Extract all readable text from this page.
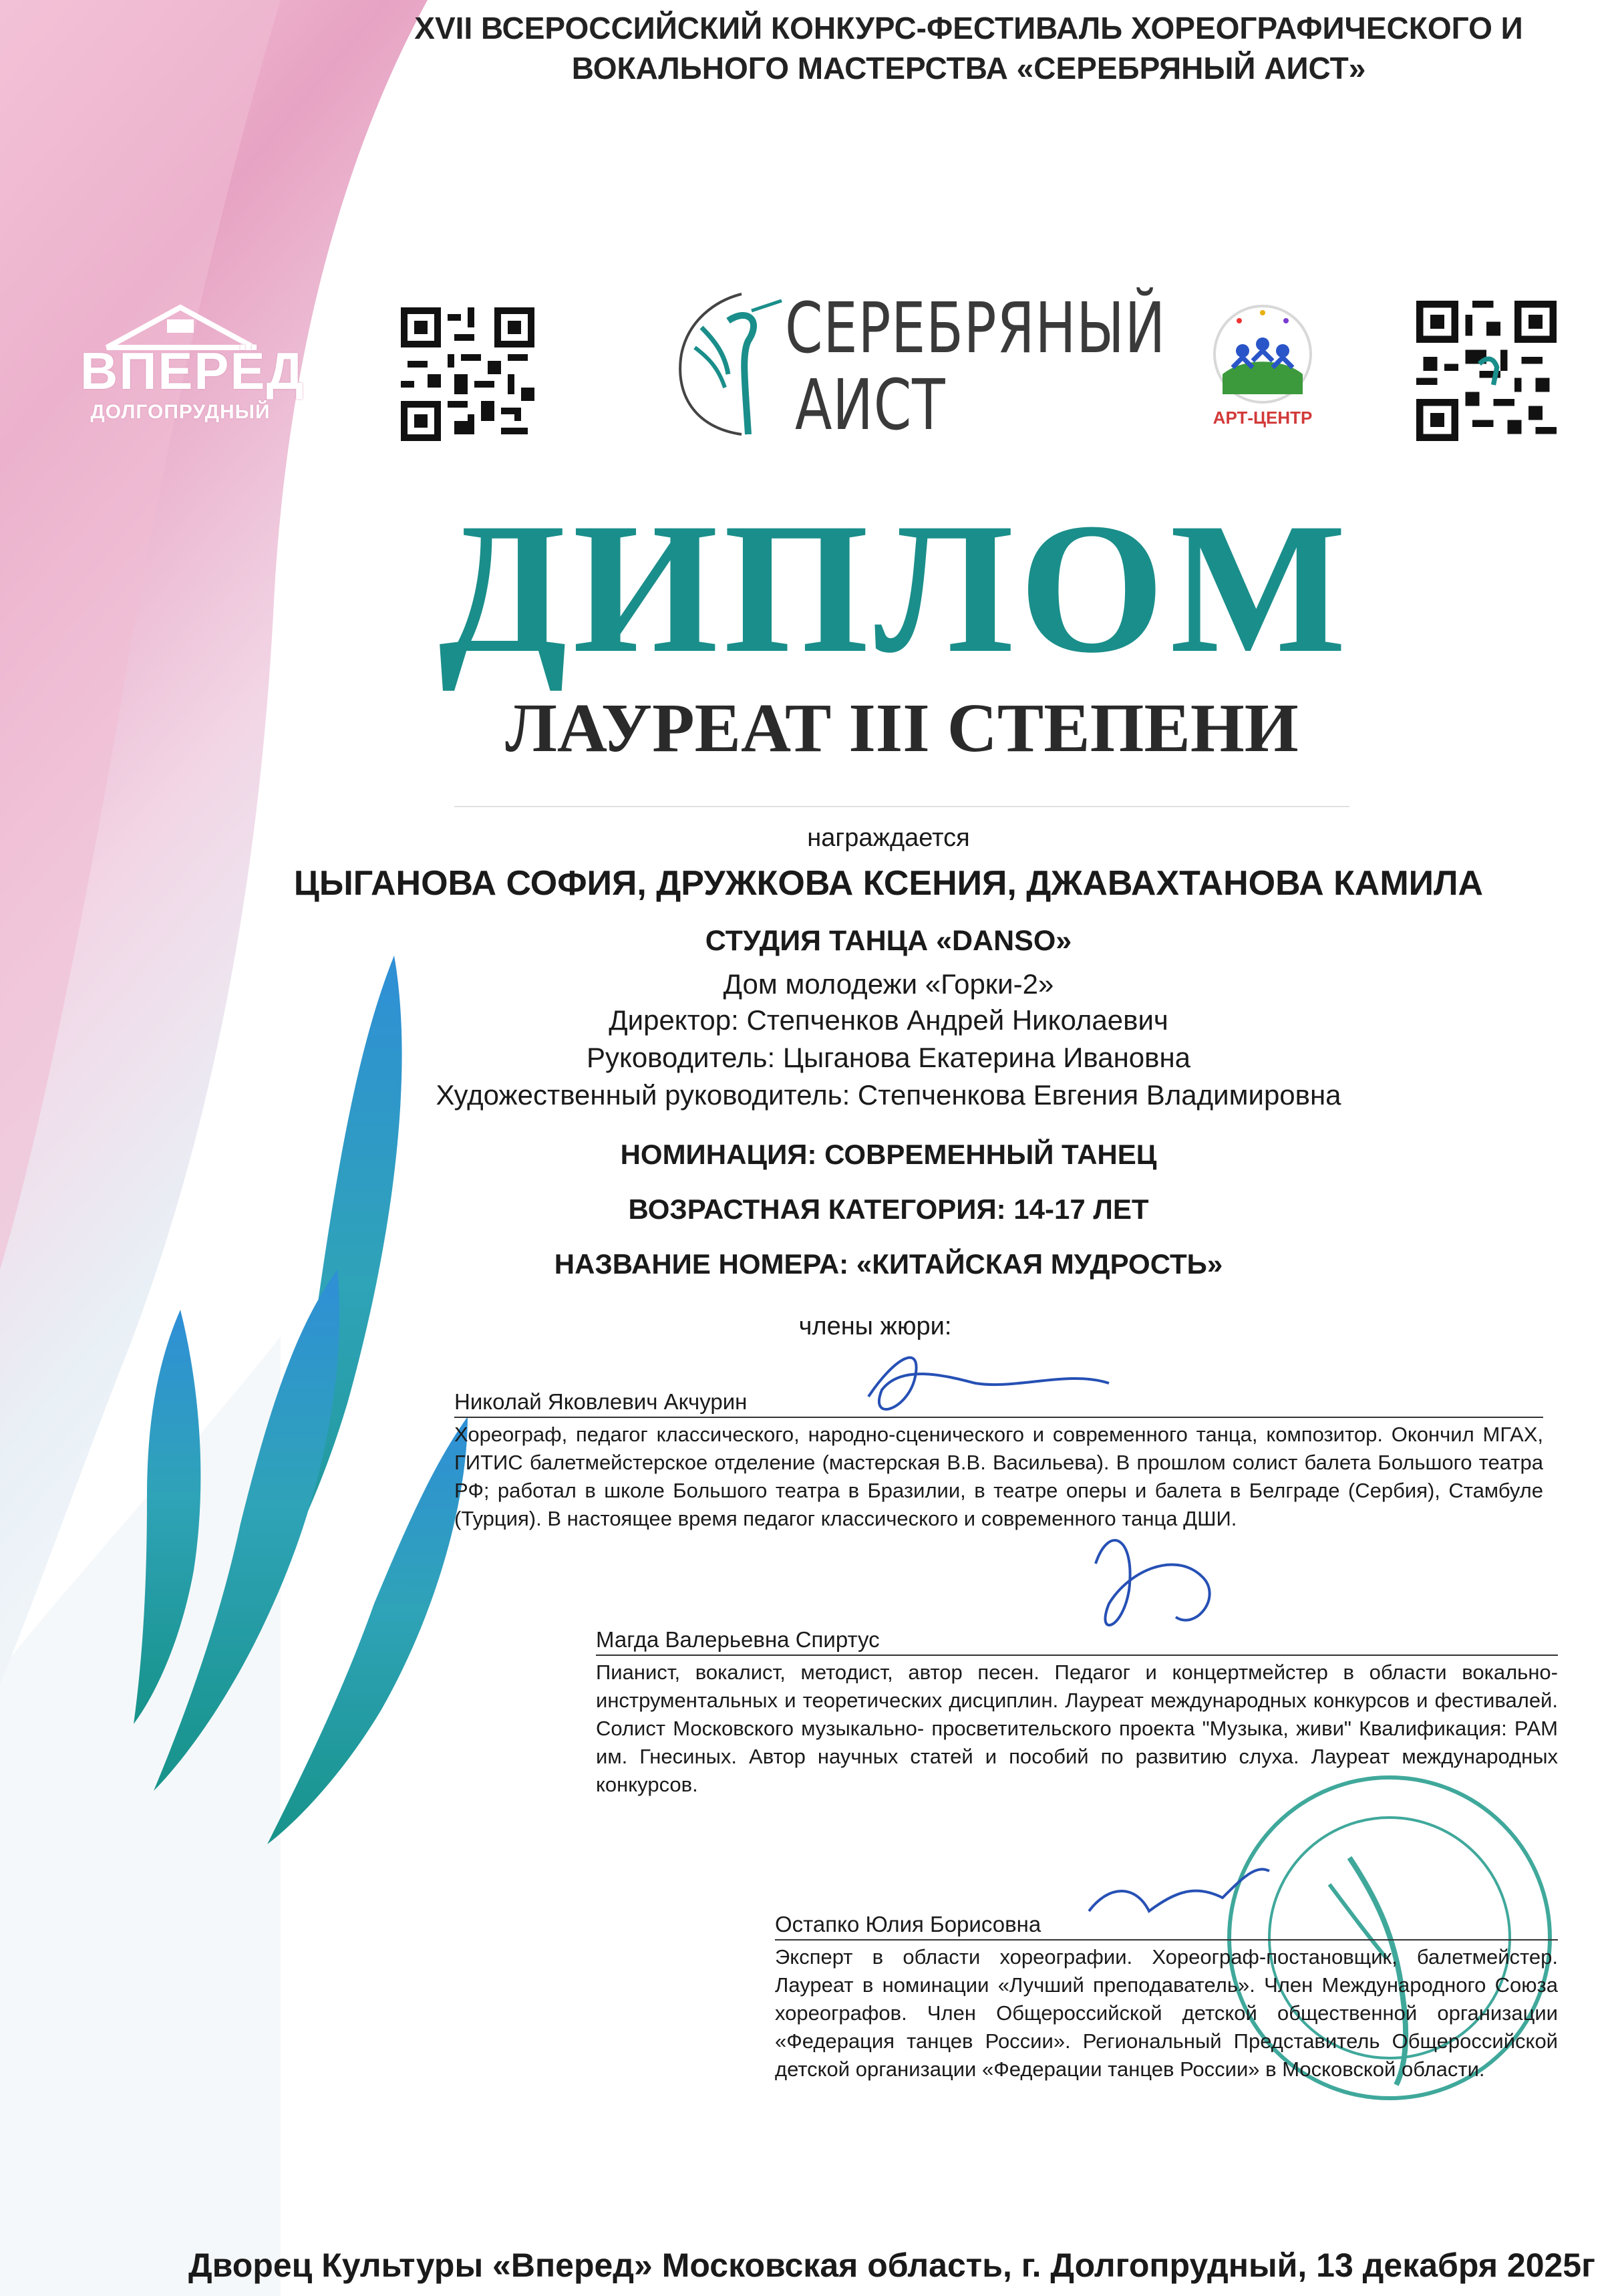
XVII ВСЕРОССИЙСКИЙ КОНКУРС-ФЕСТИВАЛЬ ХОРЕОГРАФИЧЕСКОГО И
ВОКАЛЬНОГО МАСТЕРСТВА «СЕРЕБРЯНЫЙ АИСТ»
ВПЕРЁД
ДОЛГОПРУДНЫЙ
СЕРЕБРЯНЫЙ
АИСТ	АРТ-ЦЕНТР
ДИПЛОМ
ЛАУРЕАТ III СТЕПЕНИ
награждается
ЦЫГАНОВА СОФИЯ, ДРУЖКОВА КСЕНИЯ, ДЖАВАХТАНОВА КАМИЛА
СТУДИЯ ТАНЦА «DANSO»
Дом молодежи «Горки-2»
Директор: Степченков Андрей Николаевич
Руководитель: Цыганова Екатерина Ивановна
Художественный руководитель: Степченкова Евгения Владимировна
НОМИНАЦИЯ: СОВРЕМЕННЫЙ ТАНЕЦ
ВОЗРАСТНАЯ КАТЕГОРИЯ: 14-17 ЛЕТ
НАЗВАНИЕ НОМЕРА: «КИТАЙСКАЯ МУДРОСТЬ»
члены жюри:
Николай Яковлевич Акчурин
Хореограф, педагог классического, народно-сценического и современного танца, композитор. Окончил МГАХ, ГИТИС балетмейстерское отделение (мастерская В.В. Васильева). В прошлом солист балета Большого театра РФ; работал в школе Большого театра в Бразилии, в театре оперы и балета в Белграде (Сербия), Стамбуле (Турция). В настоящее время педагог классического и современного танца ДШИ.
Магда Валерьевна Спиртус
Пианист, вокалист, методист, автор песен. Педагог и концертмейстер в области вокально-инструментальных и теоретических дисциплин. Лауреат международных конкурсов и фестивалей. Солист Московского музыкально- просветительского проекта "Музыка, живи" Квалификация: РАМ им. Гнесиных. Автор научных статей и пособий по развитию слуха. Лауреат международных конкурсов.
Остапко Юлия Борисовна
Эксперт в области хореографии. Хореограф-постановщик, балетмейстер. Лауреат в номинации «Лучший преподаватель». Член Международного Союза хореографов. Член Общероссийской детской общественной организации «Федерация танцев России». Региональный Представитель Общероссийской детской организации «Федерации танцев России» в Московской области.
Дворец Культуры «Вперед» Московская область, г. Долгопрудный, 13 декабря 2025г
